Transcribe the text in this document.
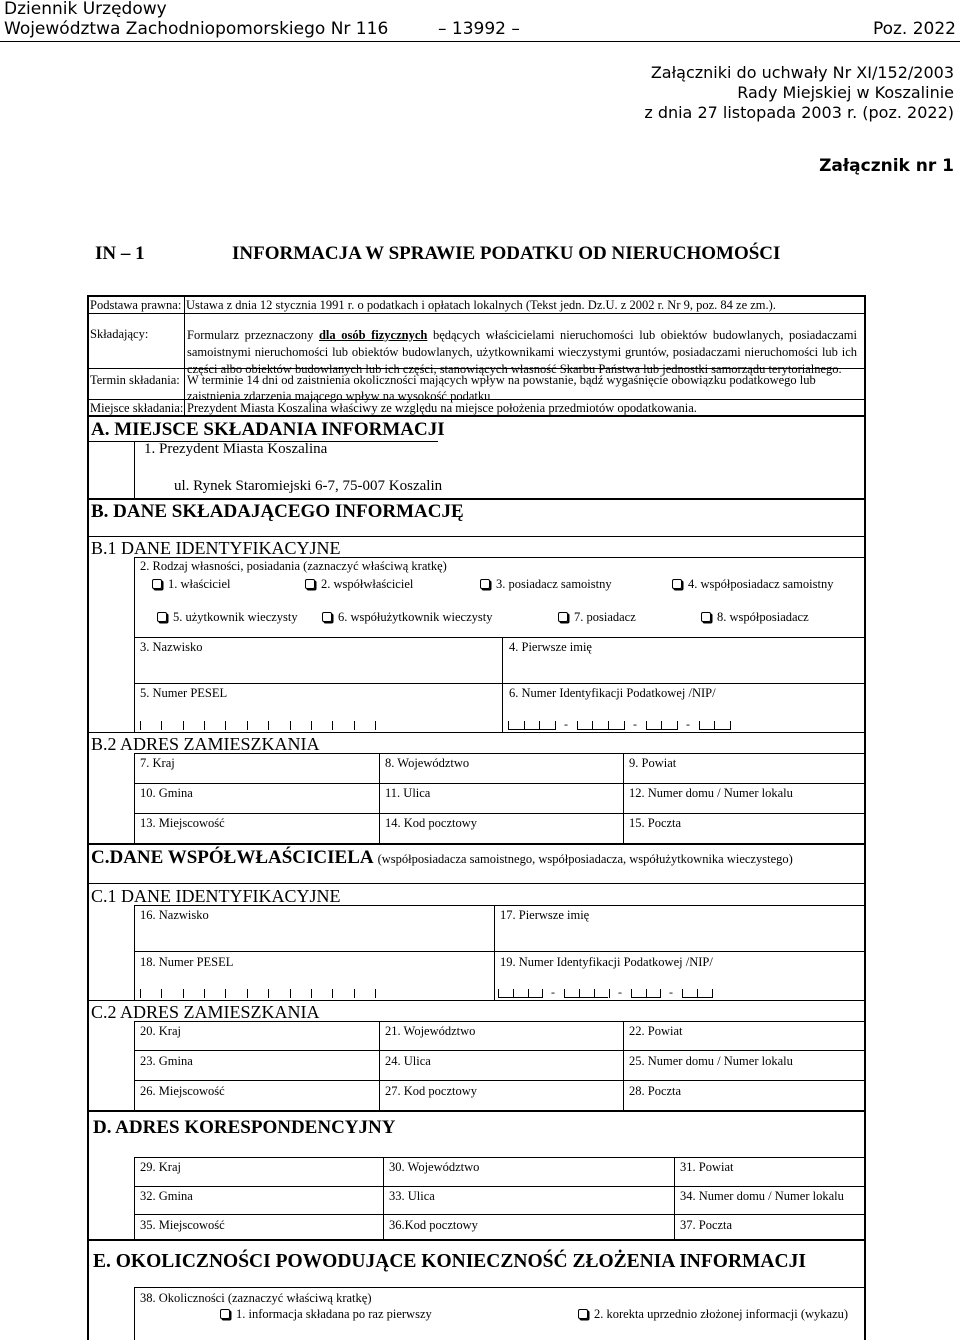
Dziennik Urzędowy
Województwa Zachodniopomorskiego Nr 116	– 13992 –	Poz. 2022
Załączniki do uchwały Nr XI/152/2003
Rady Miejskiej w Koszalinie
z dnia 27 listopada 2003 r. (poz. 2022)
Załącznik nr 1
IN – 1	INFORMACJA W SPRAWIE PODATKU OD NIERUCHOMOŚCI
Podstawa prawna: Ustawa z dnia 12 stycznia 1991 r. o podatkach i opłatach lokalnych (Tekst jedn. Dz.U. z 2002 r. Nr 9, poz. 84 ze zm.).
Składający:	Formularz przeznaczony dla osób fizycznych będących właścicielami nieruchomości lub obiektów budowlanych, posiadaczami samoistnymi nieruchomości lub obiektów budowlanych, użytkownikami wieczystymi gruntów, posiadaczami nieruchomości lub ich części albo obiektów budowlanych lub ich części, stanowiących własność Skarbu Państwa lub jednostki samorządu terytorialnego.
Termin składania: W terminie 14 dni od zaistnienia okoliczności mających wpływ na powstanie, bądź wygaśnięcie obowiązku podatkowego lub zaistnienia zdarzenia mającego wpływ na wysokość podatku
Miejsce składania: Prezydent Miasta Koszalina właściwy ze względu na miejsce położenia przedmiotów opodatkowania.
A. MIEJSCE SKŁADANIA INFORMACJI
1. Prezydent Miasta Koszalina
ul. Rynek Staromiejski 6-7, 75-007 Koszalin
B. DANE SKŁADAJĄCEGO INFORMACJĘ
B.1 DANE IDENTYFIKACYJNE
2. Rodzaj własności, posiadania (zaznaczyć właściwą kratkę)
1. właściciel	2. współwłaściciel	3. posiadacz samoistny	4. współposiadacz samoistny
5. użytkownik wieczysty	6. współużytkownik wieczysty	7. posiadacz	8. współposiadacz
3. Nazwisko	4. Pierwsze imię
5. Numer PESEL	6. Numer Identyfikacji Podatkowej /NIP/
-	-	-
B.2 ADRES ZAMIESZKANIA
7. Kraj	8. Województwo	9. Powiat
10. Gmina	11. Ulica	12. Numer domu / Numer lokalu
13. Miejscowość	14. Kod pocztowy	15. Poczta
C.DANE WSPÓŁWŁAŚCICIELA (współposiadacza samoistnego, współposiadacza, współużytkownika wieczystego)
C.1 DANE IDENTYFIKACYJNE
16. Nazwisko	17. Pierwsze imię
18. Numer PESEL	19. Numer Identyfikacji Podatkowej /NIP/
-	-	-
C.2 ADRES ZAMIESZKANIA
20. Kraj	21. Województwo	22. Powiat
23. Gmina	24. Ulica	25. Numer domu / Numer lokalu
26. Miejscowość	27. Kod pocztowy	28. Poczta
D. ADRES KORESPONDENCYJNY
29. Kraj	30. Województwo	31. Powiat
32. Gmina	33. Ulica	34. Numer domu / Numer lokalu
35. Miejscowość	36.Kod pocztowy	37. Poczta
E. OKOLICZNOŚCI POWODUJĄCE KONIECZNOŚĆ ZŁOŻENIA INFORMACJI
38. Okoliczności (zaznaczyć właściwą kratkę)
1. informacja składana po raz pierwszy	2. korekta uprzednio złożonej informacji (wykazu)
